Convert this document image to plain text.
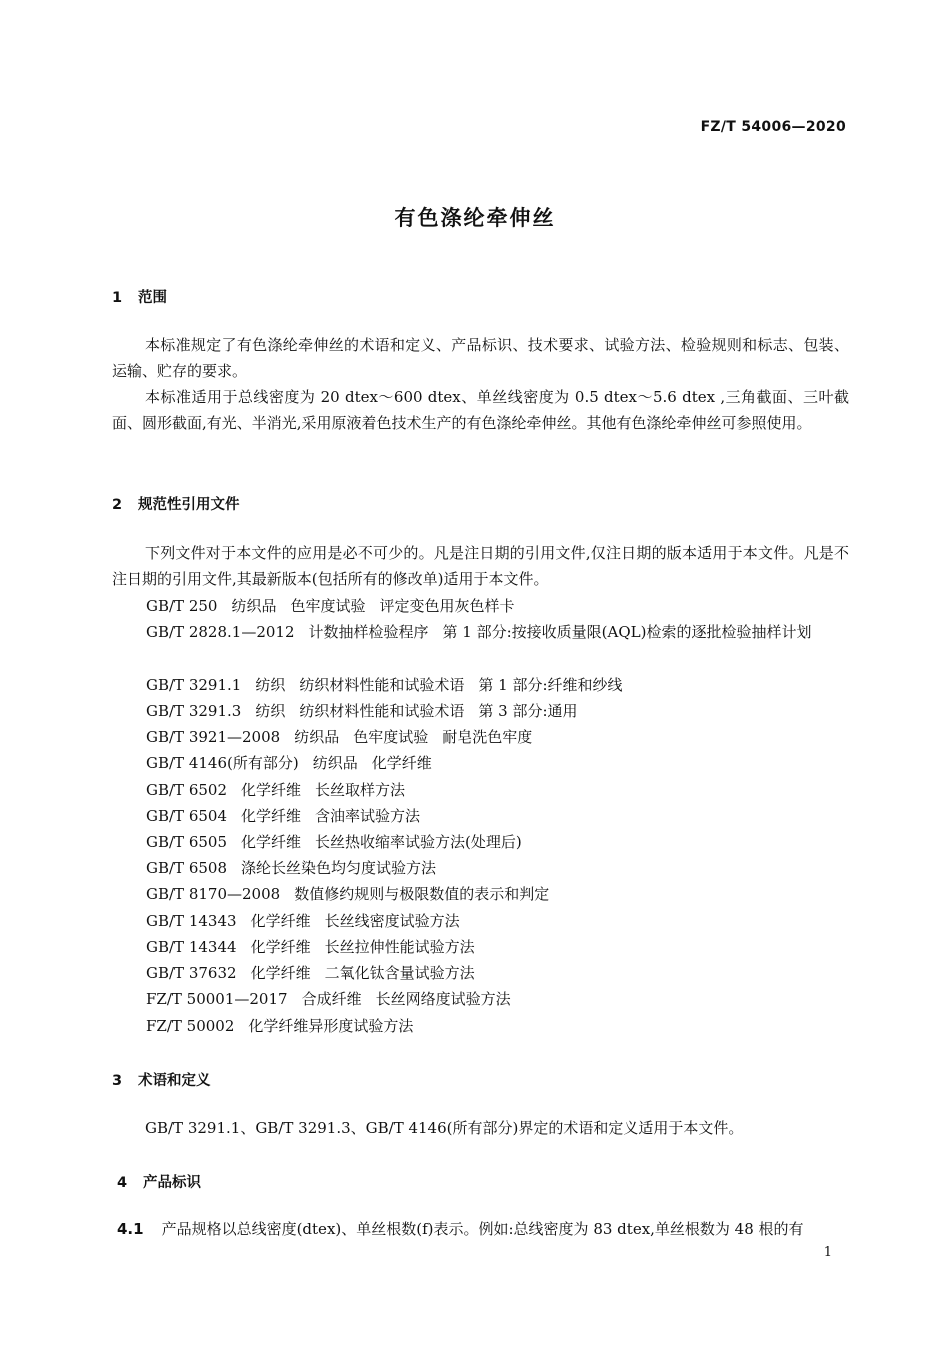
FZ/T 54006—2020
有色涤纶牵伸丝
1 范围

本标准规定了有色涤纶牵伸丝的术语和定义、产品标识、技术要求、试验方法、检验规则和标志、包装、运输、贮存的要求。

本标准适用于总线密度为 20 dtex～600 dtex、单丝线密度为 0.5 dtex～5.6 dtex ,三角截面、三叶截面、圆形截面,有光、半消光,采用原液着色技术生产的有色涤纶牵伸丝。其他有色涤纶牵伸丝可参照使用。

2 规范性引用文件

下列文件对于本文件的应用是必不可少的。凡是注日期的引用文件,仅注日期的版本适用于本文件。凡是不注日期的引用文件,其最新版本(包括所有的修改单)适用于本文件。

GB/T 250 纺织品 色牢度试验 评定变色用灰色样卡
GB/T 2828.1—2012 计数抽样检验程序 第 1 部分:按接收质量限(AQL)检索的逐批检验抽样计划
GB/T 3291.1 纺织 纺织材料性能和试验术语 第 1 部分:纤维和纱线
GB/T 3291.3 纺织 纺织材料性能和试验术语 第 3 部分:通用
GB/T 3921—2008 纺织品 色牢度试验 耐皂洗色牢度
GB/T 4146(所有部分) 纺织品 化学纤维
GB/T 6502 化学纤维 长丝取样方法
GB/T 6504 化学纤维 含油率试验方法
GB/T 6505 化学纤维 长丝热收缩率试验方法(处理后)
GB/T 6508 涤纶长丝染色均匀度试验方法
GB/T 8170—2008 数值修约规则与极限数值的表示和判定
GB/T 14343 化学纤维 长丝线密度试验方法
GB/T 14344 化学纤维 长丝拉伸性能试验方法
GB/T 37632 化学纤维 二氧化钛含量试验方法
FZ/T 50001—2017 合成纤维 长丝网络度试验方法
FZ/T 50002 化学纤维异形度试验方法
3 术语和定义

GB/T 3291.1、GB/T 3291.3、GB/T 4146(所有部分)界定的术语和定义适用于本文件。

4 产品标识
4.1 产品规格以总线密度(dtex)、单丝根数(f)表示。例如:总线密度为 83 dtex,单丝根数为 48 根的有
1
